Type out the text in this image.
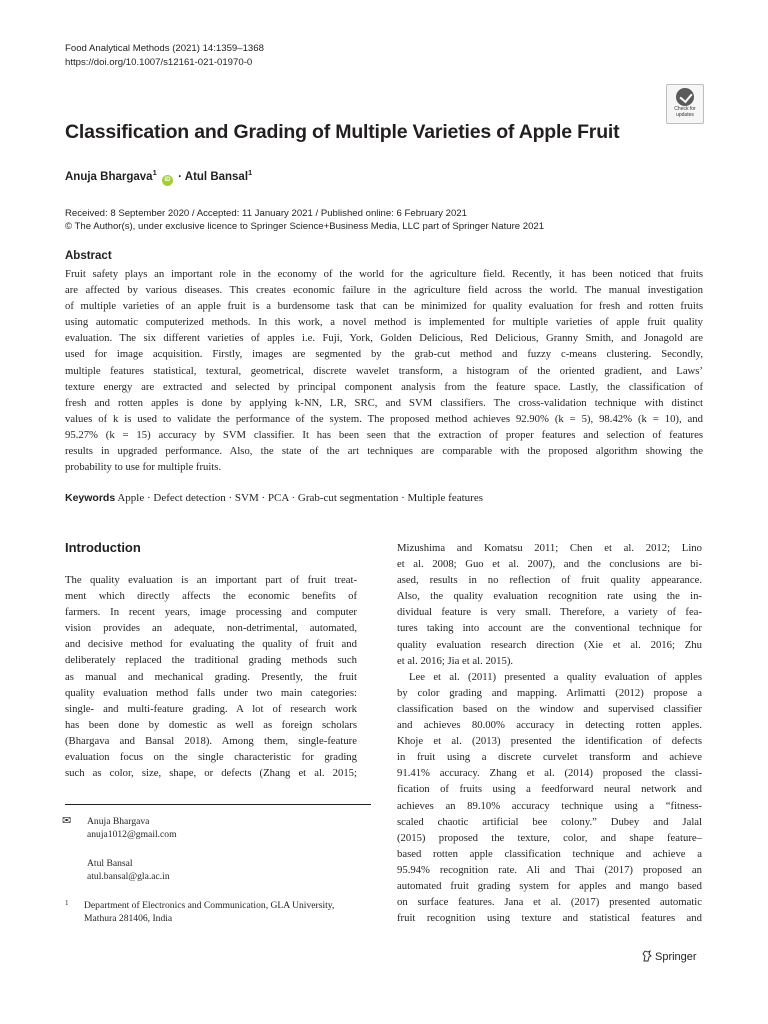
Food Analytical Methods (2021) 14:1359–1368
https://doi.org/10.1007/s12161-021-01970-0
Check for
updates
Classification and Grading of Multiple Varieties of Apple Fruit
Anuja Bhargava$^1$ iD · Atul Bansal$^1$
Received: 8 September 2020 / Accepted: 11 January 2021 / Published online: 6 February 2021
© The Author(s), under exclusive licence to Springer Science+Business Media, LLC part of Springer Nature 2021
Abstract
Fruit safety plays an important role in the economy of the world for the agriculture field. Recently, it has been noticed that fruits
are affected by various diseases. This creates economic failure in the agriculture field across the world. The manual investigation
of multiple varieties of an apple fruit is a burdensome task that can be minimized for quality evaluation for fresh and rotten fruits
using automatic computerized methods. In this work, a novel method is implemented for multiple varieties of apple fruit quality
evaluation. The six different varieties of apples i.e. Fuji, York, Golden Delicious, Red Delicious, Granny Smith, and Jonagold are
used for image acquisition. Firstly, images are segmented by the grab-cut method and fuzzy c-means clustering. Secondly,
multiple features statistical, textural, geometrical, discrete wavelet transform, a histogram of the oriented gradient, and Laws’
texture energy are extracted and selected by principal component analysis from the feature space. Lastly, the classification of
fresh and rotten apples is done by applying k-NN, LR, SRC, and SVM classifiers. The cross-validation technique with distinct
values of k is used to validate the performance of the system. The proposed method achieves 92.90% (k = 5), 98.42% (k = 10), and
95.27% (k = 15) accuracy by SVM classifier. It has been seen that the extraction of proper features and selection of features
results in upgraded performance. Also, the state of the art techniques are comparable with the proposed algorithm showing the
probability to use for multiple fruits.
Keywords Apple · Defect detection · SVM · PCA · Grab-cut segmentation · Multiple features
Introduction
The quality evaluation is an important part of fruit treat-
ment which directly affects the economic benefits of
farmers. In recent years, image processing and computer
vision provides an adequate, non-detrimental, automated,
and decisive method for evaluating the quality of fruit and
deliberately replaced the traditional grading methods such
as manual and mechanical grading. Presently, the fruit
quality evaluation method falls under two main categories:
single- and multi-feature grading. A lot of research work
has been done by domestic as well as foreign scholars
(Bhargava and Bansal 2018). Among them, single-feature
evaluation focus on the single characteristic for grading
such as color, size, shape, or defects (Zhang et al. 2015;
✉	Anuja Bhargava
anuja1012@gmail.com
Atul Bansal
atul.bansal@gla.ac.in
1	Department of Electronics and Communication, GLA University,
Mathura 281406, India
Mizushima and Komatsu 2011; Chen et al. 2012; Lino
et al. 2008; Guo et al. 2007), and the conclusions are bi-
ased, results in no reflection of fruit quality appearance.
Also, the quality evaluation recognition rate using the in-
dividual feature is very small. Therefore, a variety of fea-
tures taking into account are the conventional technique for
quality evaluation research direction (Xie et al. 2016; Zhu
et al. 2016; Jia et al. 2015).
Lee et al. (2011) presented a quality evaluation of apples
by color grading and mapping. Arlimatti (2012) propose a
classification based on the window and supervised classifier
and achieves 80.00% accuracy in detecting rotten apples.
Khoje et al. (2013) presented the identification of defects
in fruit using a discrete curvelet transform and achieve
91.41% accuracy. Zhang et al. (2014) proposed the classi-
fication of fruits using a feedforward neural network and
achieves an 89.10% accuracy technique using a “fitness-
scaled chaotic artificial bee colony.” Dubey and Jalal
(2015) proposed the texture, color, and shape feature–
based rotten apple classification technique and achieve a
95.94% recognition rate. Ali and Thai (2017) proposed an
automated fruit grading system for apples and mango based
on surface features. Jana et al. (2017) presented automatic
fruit recognition using texture and statistical features and
Springer
